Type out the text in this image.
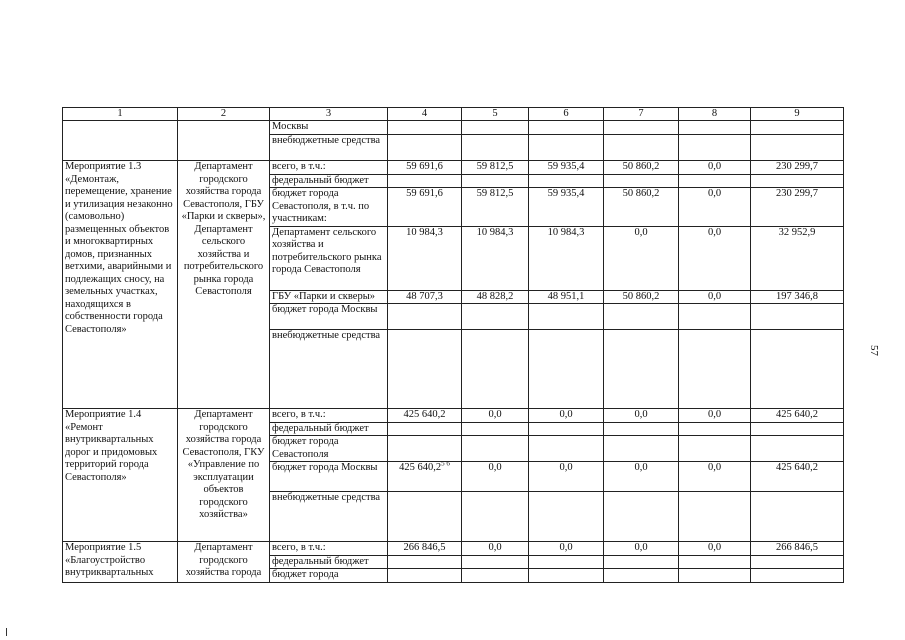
1	2	3	4	5	6	7	8	9
		Москвы						
		внебюджетные средства						
Мероприятие 1.3 «Демонтаж, перемещение, хранение и утилизация незаконно (самовольно) размещенных объектов и многоквартирных домов, признанных ветхими, аварийными и подлежащих сносу, на земельных участках, находящихся в собственности города Севастополя»	Департамент городского хозяйства города Севастополя, ГБУ «Парки и скверы», Департамент сельского хозяйства и потребительского рынка города Севастополя	всего, в т.ч.:	59 691,6	59 812,5	59 935,4	50 860,2	0,0	230 299,7
		федеральный бюджет						
		бюджет города Севастополя, в т.ч. по участникам:	59 691,6	59 812,5	59 935,4	50 860,2	0,0	230 299,7
		Департамент сельского хозяйства и потребительского рынка города Севастополя	10 984,3	10 984,3	10 984,3	0,0	0,0	32 952,9
		ГБУ «Парки и скверы»	48 707,3	48 828,2	48 951,1	50 860,2	0,0	197 346,8
		бюджет города Москвы						
		внебюджетные средства						
Мероприятие 1.4 «Ремонт внутриквартальных дорог и придомовых территорий города Севастополя»	Департамент городского хозяйства города Севастополя, ГКУ «Управление по эксплуатации объектов городского хозяйства»	всего, в т.ч.:	425 640,2	0,0	0,0	0,0	0,0	425 640,2
		федеральный бюджет						
		бюджет города Севастополя						
		бюджет города Москвы	425 $640,2^{5 6}$	0,0	0,0	0,0	0,0	425 640,2
		внебюджетные средства						
Мероприятие 1.5 «Благоустройство внутриквартальных	Департамент городского хозяйства города	всего, в т.ч.:	266 846,5	0,0	0,0	0,0	0,0	266 846,5
		федеральный бюджет						
		бюджет города						
57
